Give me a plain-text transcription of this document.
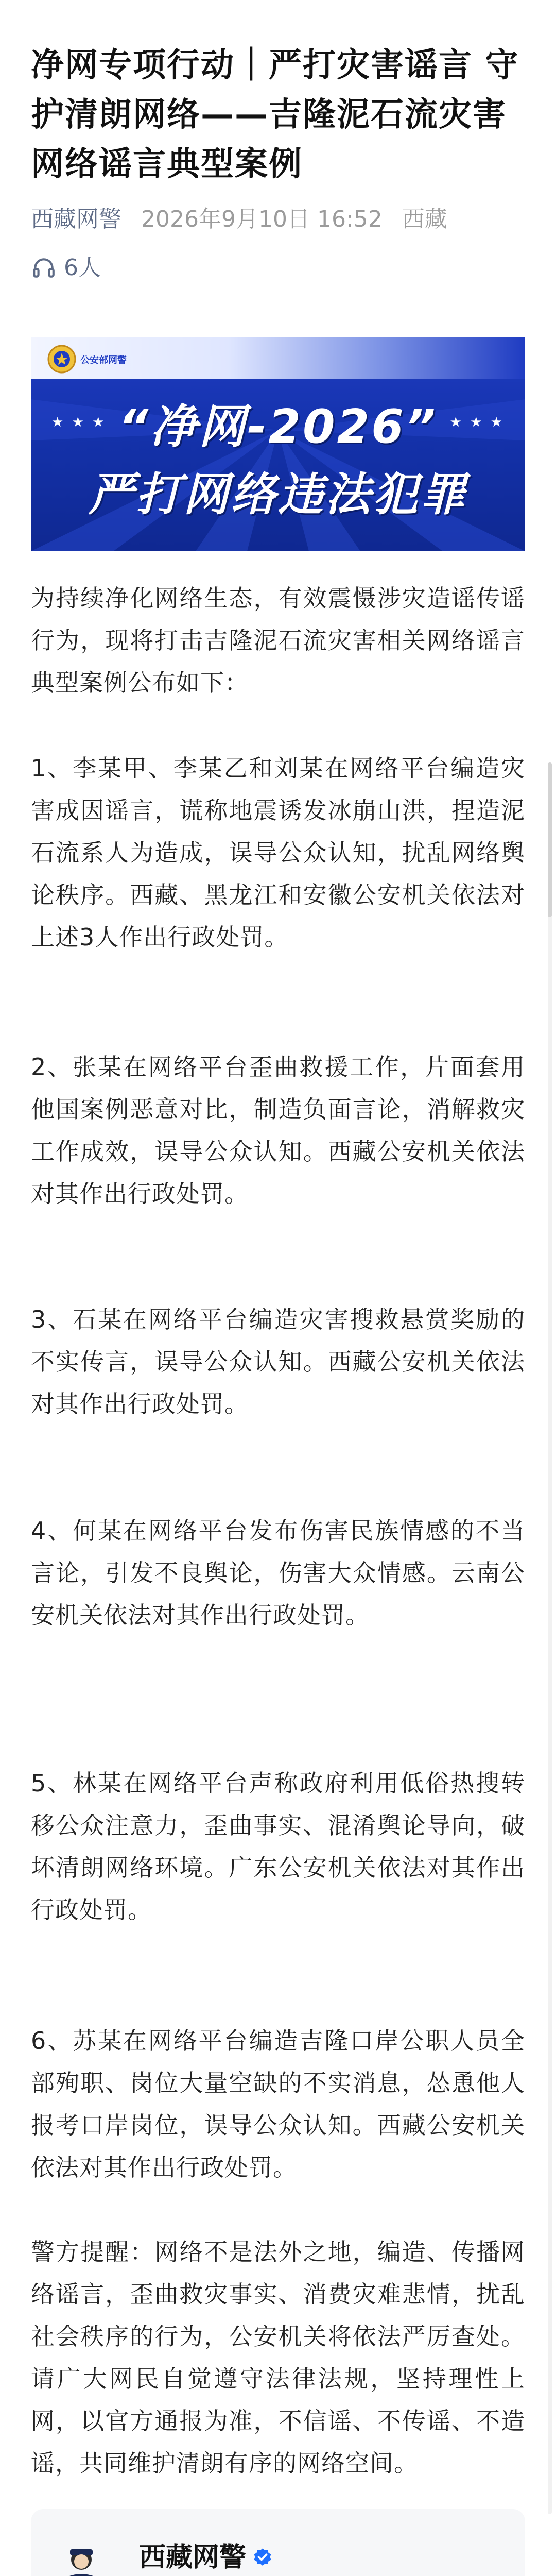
净网专项行动｜严打灾害谣言 守护清朗网络——吉隆泥石流灾害网络谣言典型案例
西藏网警 2026年9月10日 16:52 西藏
6人
公安部网警
★ ★ ★	★ ★ ★
“净网-2026”
严打网络违法犯罪

为持续净化网络生态，有效震慑涉灾造谣传谣行为，现将打击吉隆泥石流灾害相关网络谣言典型案例公布如下：

1、李某甲、李某乙和刘某在网络平台编造灾害成因谣言，谎称地震诱发冰崩山洪，捏造泥石流系人为造成，误导公众认知，扰乱网络舆论秩序。西藏、黑龙江和安徽公安机关依法对上述3人作出行政处罚。

2、张某在网络平台歪曲救援工作，片面套用他国案例恶意对比，制造负面言论，消解救灾工作成效，误导公众认知。西藏公安机关依法对其作出行政处罚。

3、石某在网络平台编造灾害搜救悬赏奖励的不实传言，误导公众认知。西藏公安机关依法对其作出行政处罚。

4、何某在网络平台发布伤害民族情感的不当言论，引发不良舆论，伤害大众情感。云南公安机关依法对其作出行政处罚。

5、林某在网络平台声称政府利用低俗热搜转移公众注意力，歪曲事实、混淆舆论导向，破坏清朗网络环境。广东公安机关依法对其作出行政处罚。

6、苏某在网络平台编造吉隆口岸公职人员全部殉职、岗位大量空缺的不实消息，怂恿他人报考口岸岗位，误导公众认知。西藏公安机关依法对其作出行政处罚。

警方提醒：网络不是法外之地，编造、传播网络谣言，歪曲救灾事实、消费灾难悲情，扰乱社会秩序的行为，公安机关将依法严厉查处。请广大网民自觉遵守法律法规，坚持理性上网，以官方通报为准，不信谣、不传谣、不造谣，共同维护清朗有序的网络空间。

西藏网警
